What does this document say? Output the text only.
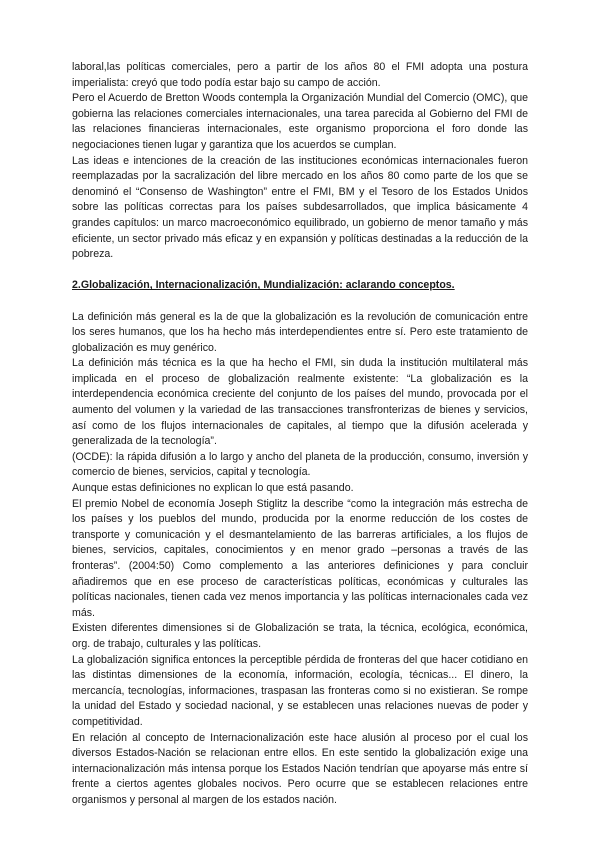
laboral,las políticas comerciales, pero a partir de los años 80 el FMI adopta una postura imperialista: creyó que todo podía estar bajo su campo de acción.

Pero el Acuerdo de Bretton Woods contempla la Organización Mundial del Comercio (OMC), que gobierna las relaciones comerciales internacionales, una tarea parecida al Gobierno del FMI de las relaciones financieras internacionales, este organismo proporciona el foro donde las negociaciones tienen lugar y garantiza que los acuerdos se cumplan.

Las ideas e intenciones de la creación de las instituciones económicas internacionales fueron reemplazadas por la sacralización del libre mercado en los años 80 como parte de los que se denominó el “Consenso de Washington” entre el FMI, BM y el Tesoro de los Estados Unidos sobre las políticas correctas para los países subdesarrollados, que implica básicamente 4 grandes capítulos: un marco macroeconómico equilibrado, un gobierno de menor tamaño y más eficiente, un sector privado más eficaz y en expansión y políticas destinadas a la reducción de la pobreza.

2.Globalización, Internacionalización, Mundialización: aclarando conceptos.

La definición más general es la de que la globalización es la revolución de comunicación entre los seres humanos, que los ha hecho más interdependientes entre sí. Pero este tratamiento de globalización es muy genérico.

La definición más técnica es la que ha hecho el FMI, sin duda la institución multilateral más implicada en el proceso de globalización realmente existente: “La globalización es la interdependencia económica creciente del conjunto de los países del mundo, provocada por el aumento del volumen y la variedad de las transacciones transfronterizas de bienes y servicios, así como de los flujos internacionales de capitales, al tiempo que la difusión acelerada y generalizada de la tecnología”.

(OCDE): la rápida difusión a lo largo y ancho del planeta de la producción, consumo, inversión y comercio de bienes, servicios, capital y tecnología.

Aunque estas definiciones no explican lo que está pasando.

El premio Nobel de economía Joseph Stiglitz la describe “como la integración más estrecha de los países y los pueblos del mundo, producida por la enorme reducción de los costes de transporte y comunicación y el desmantelamiento de las barreras artificiales, a los flujos de bienes, servicios, capitales, conocimientos y en menor grado –personas a través de las fronteras”. (2004:50) Como complemento a las anteriores definiciones y para concluir añadiremos que en ese proceso de características políticas, económicas y culturales las políticas nacionales, tienen cada vez menos importancia y las políticas internacionales cada vez más.

Existen diferentes dimensiones si de Globalización se trata, la técnica, ecológica, económica, org. de trabajo, culturales y las políticas.

La globalización significa entonces la perceptible pérdida de fronteras del que hacer cotidiano en las distintas dimensiones de la economía, información, ecología, técnicas... El dinero, la mercancía, tecnologías, informaciones, traspasan las fronteras como si no existieran. Se rompe la unidad del Estado y sociedad nacional, y se establecen unas relaciones nuevas de poder y competitividad.

En relación al concepto de Internacionalización este hace alusión al proceso por el cual los diversos Estados-Nación se relacionan entre ellos. En este sentido la globalización exige una internacionalización más intensa porque los Estados Nación tendrían que apoyarse más entre sí frente a ciertos agentes globales nocivos. Pero ocurre que se establecen relaciones entre organismos y personal al margen de los estados nación.
